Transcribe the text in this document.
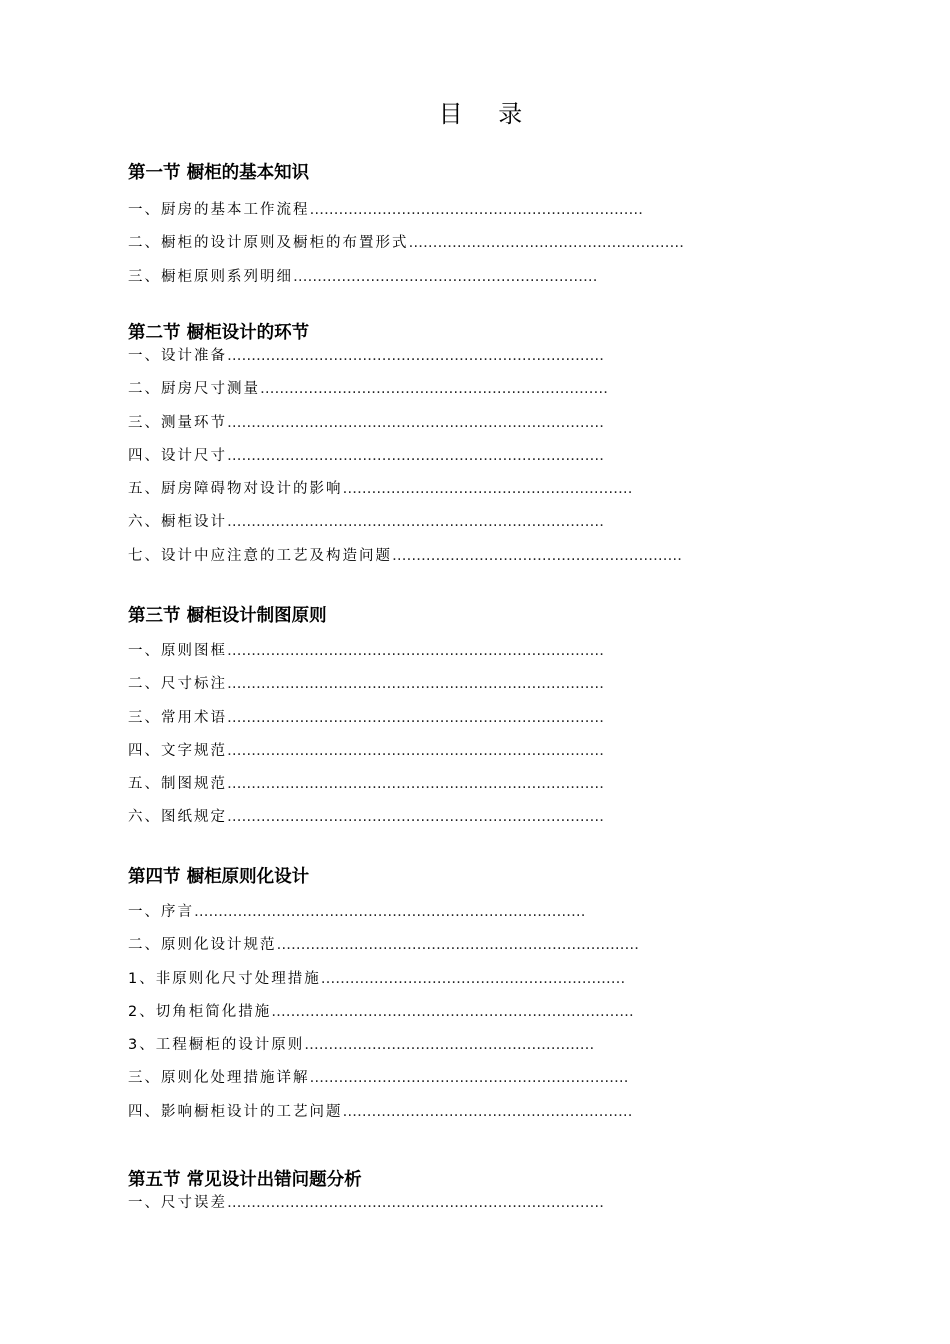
目 录
第一节 橱柜的基本知识
一、厨房的基本工作流程……………………………………………………………
二、橱柜的设计原则及橱柜的布置形式…………………………………………………
三、橱柜原则系列明细………………………………………………………
第二节 橱柜设计的环节
一、设计准备……………………………………………………………………
二、厨房尺寸测量………………………………………………………………
三、测量环节……………………………………………………………………
四、设计尺寸……………………………………………………………………
五、厨房障碍物对设计的影响……………………………………………………
六、橱柜设计……………………………………………………………………
七、设计中应注意的工艺及构造问题……………………………………………………
第三节 橱柜设计制图原则
一、原则图框……………………………………………………………………
二、尺寸标注……………………………………………………………………
三、常用术语……………………………………………………………………
四、文字规范……………………………………………………………………
五、制图规范……………………………………………………………………
六、图纸规定……………………………………………………………………
第四节 橱柜原则化设计
一、序言………………………………………………………………………
二、原则化设计规范…………………………………………………………………
1、非原则化尺寸处理措施………………………………………………………
2、切角柜简化措施…………………………………………………………………
3、工程橱柜的设计原则……………………………………………………
三、原则化处理措施详解…………………………………………………………
四、影响橱柜设计的工艺问题……………………………………………………
第五节 常见设计出错问题分析
一、尺寸误差……………………………………………………………………
